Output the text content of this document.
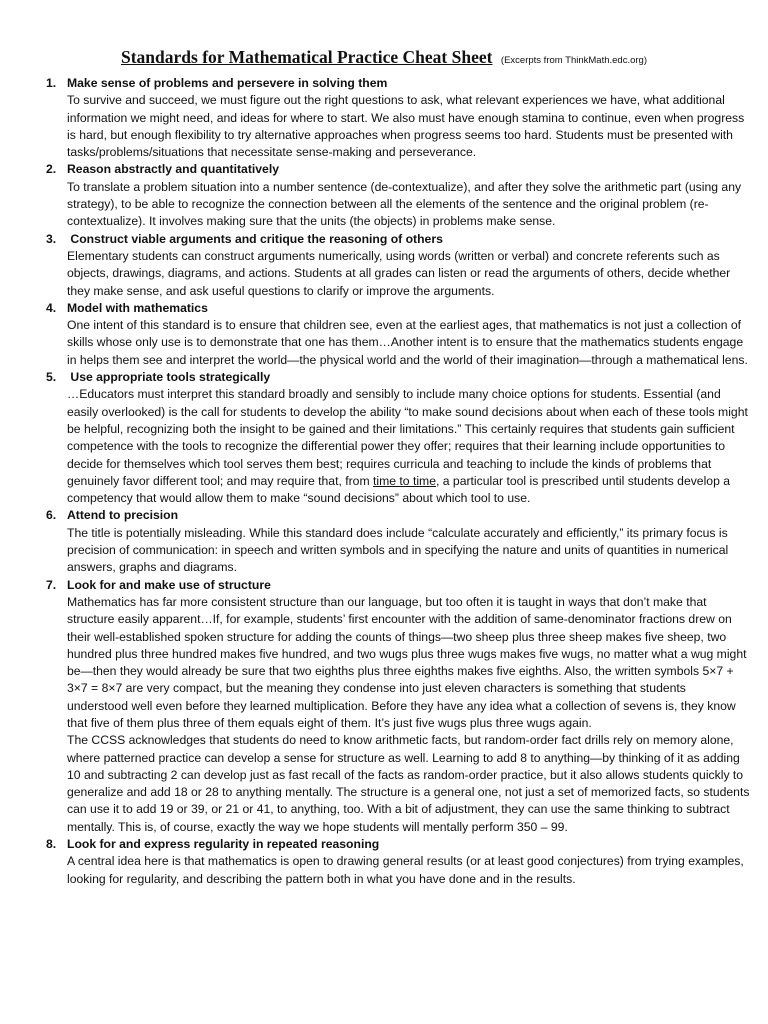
Standards for Mathematical Practice Cheat Sheet (Excerpts from ThinkMath.edc.org)
1. Make sense of problems and persevere in solving them
To survive and succeed, we must figure out the right questions to ask, what relevant experiences we have, what additional information we might need, and ideas for where to start. We also must have enough stamina to continue, even when progress is hard, but enough flexibility to try alternative approaches when progress seems too hard. Students must be presented with tasks/problems/situations that necessitate sense-making and perseverance.
2. Reason abstractly and quantitatively
To translate a problem situation into a number sentence (de-contextualize), and after they solve the arithmetic part (using any strategy), to be able to recognize the connection between all the elements of the sentence and the original problem (re-contextualize). It involves making sure that the units (the objects) in problems make sense.
3. Construct viable arguments and critique the reasoning of others
Elementary students can construct arguments numerically, using words (written or verbal) and concrete referents such as objects, drawings, diagrams, and actions. Students at all grades can listen or read the arguments of others, decide whether they make sense, and ask useful questions to clarify or improve the arguments.
4. Model with mathematics
One intent of this standard is to ensure that children see, even at the earliest ages, that mathematics is not just a collection of skills whose only use is to demonstrate that one has them…Another intent is to ensure that the mathematics students engage in helps them see and interpret the world—the physical world and the world of their imagination—through a mathematical lens.
5. Use appropriate tools strategically
…Educators must interpret this standard broadly and sensibly to include many choice options for students. Essential (and easily overlooked) is the call for students to develop the ability “to make sound decisions about when each of these tools might be helpful, recognizing both the insight to be gained and their limitations.” This certainly requires that students gain sufficient competence with the tools to recognize the differential power they offer; requires that their learning include opportunities to decide for themselves which tool serves them best; requires curricula and teaching to include the kinds of problems that genuinely favor different tool; and may require that, from time to time, a particular tool is prescribed until students develop a competency that would allow them to make “sound decisions” about which tool to use.
6. Attend to precision
The title is potentially misleading. While this standard does include “calculate accurately and efficiently,” its primary focus is precision of communication: in speech and written symbols and in specifying the nature and units of quantities in numerical answers, graphs and diagrams.
7. Look for and make use of structure
Mathematics has far more consistent structure than our language, but too often it is taught in ways that don’t make that structure easily apparent…If, for example, students’ first encounter with the addition of same-denominator fractions drew on their well-established spoken structure for adding the counts of things—two sheep plus three sheep makes five sheep, two hundred plus three hundred makes five hundred, and two wugs plus three wugs makes five wugs, no matter what a wug might be—then they would already be sure that two eighths plus three eighths makes five eighths. Also, the written symbols 5×7 + 3×7 = 8×7 are very compact, but the meaning they condense into just eleven characters is something that students understood well even before they learned multiplication. Before they have any idea what a collection of sevens is, they know that five of them plus three of them equals eight of them. It’s just five wugs plus three wugs again.
The CCSS acknowledges that students do need to know arithmetic facts, but random-order fact drills rely on memory alone, where patterned practice can develop a sense for structure as well. Learning to add 8 to anything—by thinking of it as adding 10 and subtracting 2 can develop just as fast recall of the facts as random-order practice, but it also allows students quickly to generalize and add 18 or 28 to anything mentally. The structure is a general one, not just a set of memorized facts, so students can use it to add 19 or 39, or 21 or 41, to anything, too. With a bit of adjustment, they can use the same thinking to subtract mentally. This is, of course, exactly the way we hope students will mentally perform 350 – 99.
8. Look for and express regularity in repeated reasoning
A central idea here is that mathematics is open to drawing general results (or at least good conjectures) from trying examples, looking for regularity, and describing the pattern both in what you have done and in the results.
